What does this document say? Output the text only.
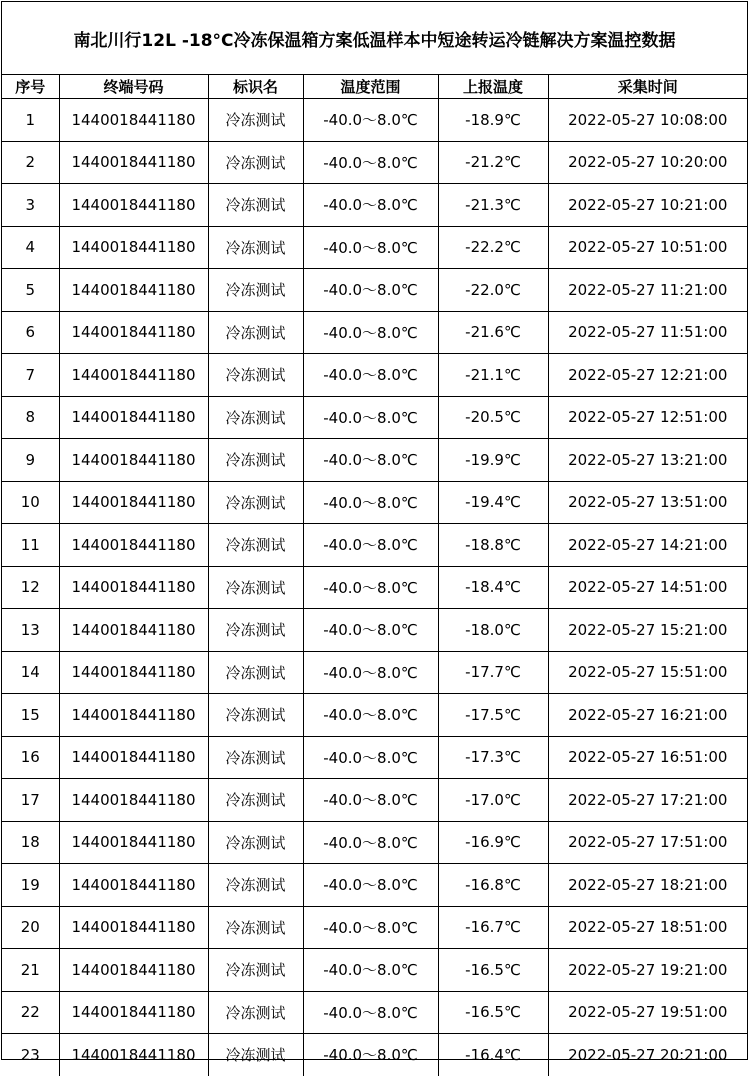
南北川行12L -18°C冷冻保温箱方案低温样本中短途转运冷链解决方案温控数据
序号	终端号码	标识名	温度范围	上报温度	采集时间
1	1440018441180	冷冻测试	-40.0～8.0℃	-18.9℃	2022-05-27 10:08:00
2	1440018441180	冷冻测试	-40.0～8.0℃	-21.2℃	2022-05-27 10:20:00
3	1440018441180	冷冻测试	-40.0～8.0℃	-21.3℃	2022-05-27 10:21:00
4	1440018441180	冷冻测试	-40.0～8.0℃	-22.2℃	2022-05-27 10:51:00
5	1440018441180	冷冻测试	-40.0～8.0℃	-22.0℃	2022-05-27 11:21:00
6	1440018441180	冷冻测试	-40.0～8.0℃	-21.6℃	2022-05-27 11:51:00
7	1440018441180	冷冻测试	-40.0～8.0℃	-21.1℃	2022-05-27 12:21:00
8	1440018441180	冷冻测试	-40.0～8.0℃	-20.5℃	2022-05-27 12:51:00
9	1440018441180	冷冻测试	-40.0～8.0℃	-19.9℃	2022-05-27 13:21:00
10	1440018441180	冷冻测试	-40.0～8.0℃	-19.4℃	2022-05-27 13:51:00
11	1440018441180	冷冻测试	-40.0～8.0℃	-18.8℃	2022-05-27 14:21:00
12	1440018441180	冷冻测试	-40.0～8.0℃	-18.4℃	2022-05-27 14:51:00
13	1440018441180	冷冻测试	-40.0～8.0℃	-18.0℃	2022-05-27 15:21:00
14	1440018441180	冷冻测试	-40.0～8.0℃	-17.7℃	2022-05-27 15:51:00
15	1440018441180	冷冻测试	-40.0～8.0℃	-17.5℃	2022-05-27 16:21:00
16	1440018441180	冷冻测试	-40.0～8.0℃	-17.3℃	2022-05-27 16:51:00
17	1440018441180	冷冻测试	-40.0～8.0℃	-17.0℃	2022-05-27 17:21:00
18	1440018441180	冷冻测试	-40.0～8.0℃	-16.9℃	2022-05-27 17:51:00
19	1440018441180	冷冻测试	-40.0～8.0℃	-16.8℃	2022-05-27 18:21:00
20	1440018441180	冷冻测试	-40.0～8.0℃	-16.7℃	2022-05-27 18:51:00
21	1440018441180	冷冻测试	-40.0～8.0℃	-16.5℃	2022-05-27 19:21:00
22	1440018441180	冷冻测试	-40.0～8.0℃	-16.5℃	2022-05-27 19:51:00
23	1440018441180	冷冻测试	-40.0～8.0℃	-16.4℃	2022-05-27 20:21:00
